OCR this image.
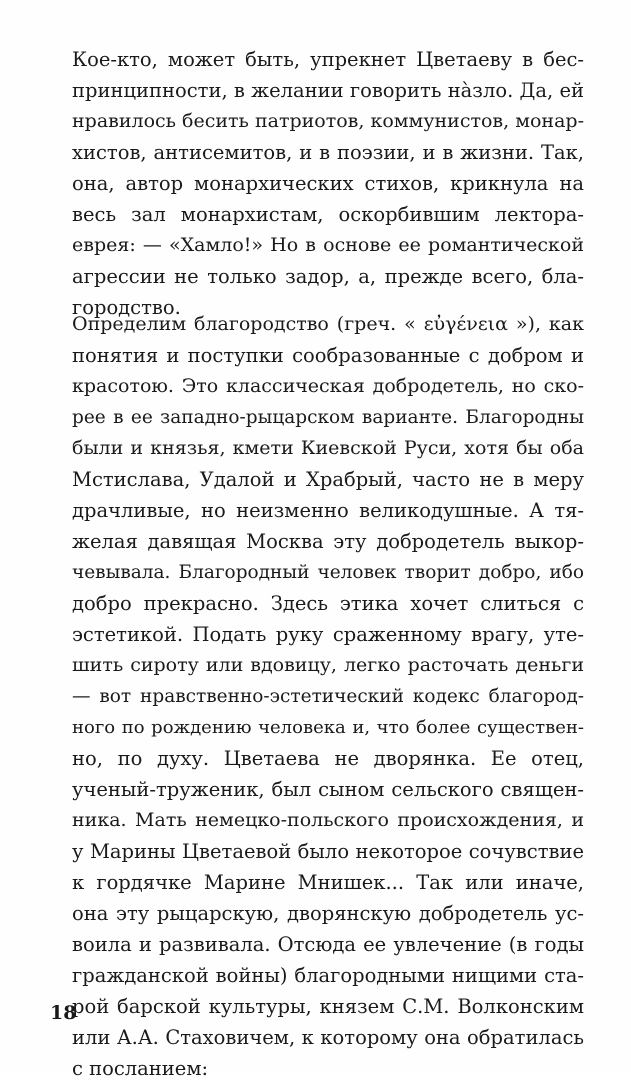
Кое-кто, может быть, упрекнет Цветаеву в бес-
принципности, в желании говорить нàзло. Да, ей
нравилось бесить патриотов, коммунистов, монар-
хистов, антисемитов, и в поэзии, и в жизни. Так,
она, автор монархических стихов, крикнула на
весь зал монархистам, оскорбившим лектора-
еврея: — «Хамло!» Но в основе ее романтической
агрессии не только задор, а, прежде всего, бла-
городство.
Определим благородство (греч. « εὐγένεια »), как
понятия и поступки сообразованные с добром и
красотою. Это классическая добродетель, но ско-
рее в ее западно-рыцарском варианте. Благородны
были и князья, кмети Киевской Руси, хотя бы оба
Мстислава, Удалой и Храбрый, часто не в меру
драчливые, но неизменно великодушные. А тя-
желая давящая Москва эту добродетель выкор-
чевывала. Благородный человек творит добро, ибо
добро прекрасно. Здесь этика хочет слиться с
эстетикой. Подать руку сраженному врагу, уте-
шить сироту или вдовицу, легко расточать деньги
— вот нравственно-эстетический кодекс благород-
ного по рождению человека и, что более существен-
но, по духу. Цветаева не дворянка. Ее отец,
ученый-труженик, был сыном сельского священ-
ника. Мать немецко-польского происхождения, и
у Марины Цветаевой было некоторое сочувствие
к гордячке Марине Мнишек... Так или иначе,
она эту рыцарскую, дворянскую добродетель ус-
воила и развивала. Отсюда ее увлечение (в годы
гражданской войны) благородными нищими ста-
рой барской культуры, князем С.М. Волконским
или А.А. Стаховичем, к которому она обратилась
с посланием:
18
